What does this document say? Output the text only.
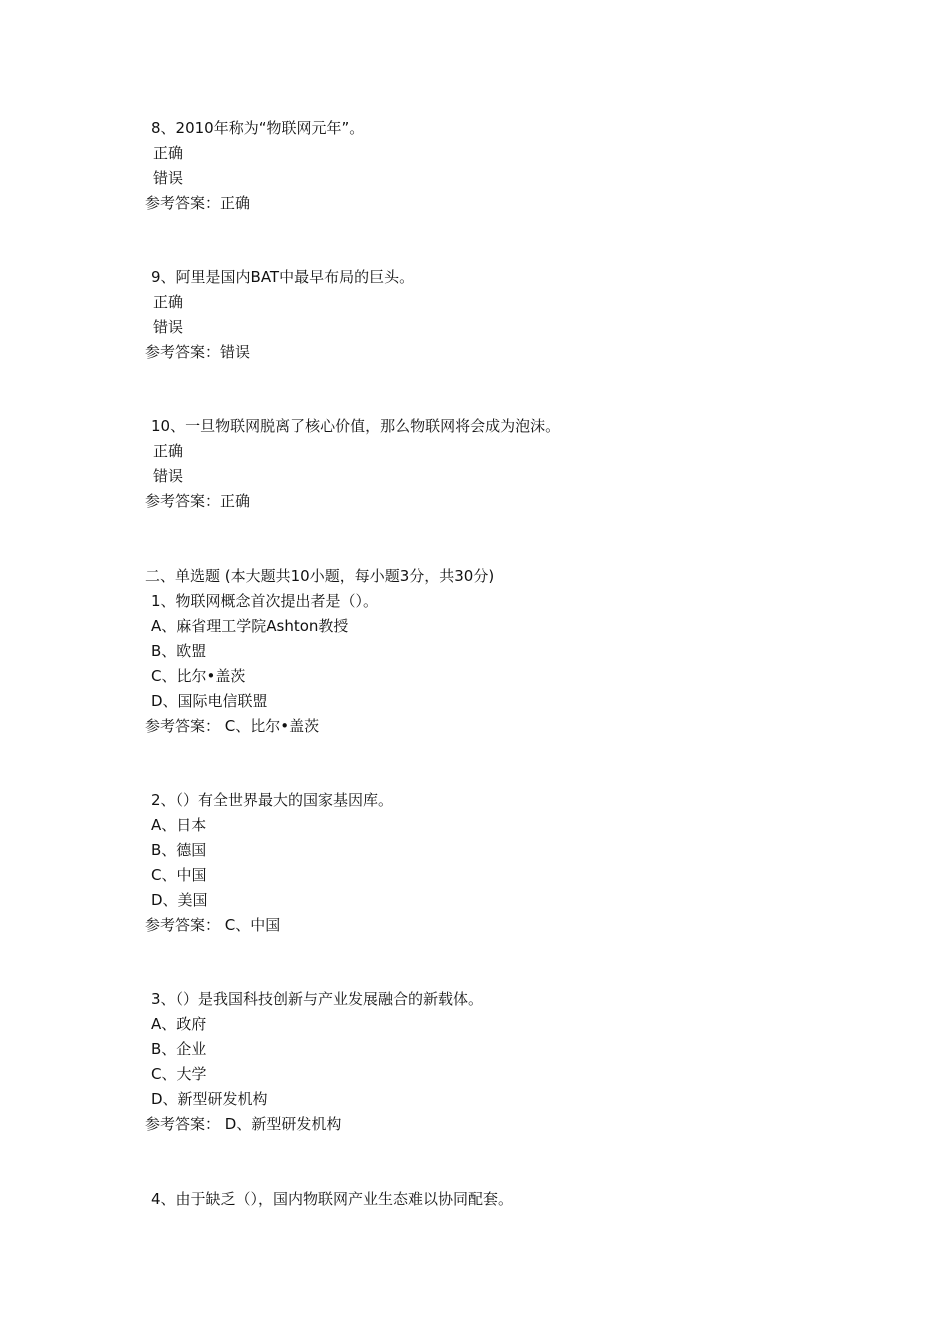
8、2010年称为“物联网元年”。
正确
错误
参考答案：正确
9、阿里是国内BAT中最早布局的巨头。
正确
错误
参考答案：错误
10、一旦物联网脱离了核心价值，那么物联网将会成为泡沫。
正确
错误
参考答案：正确
二、单选题 (本大题共10小题，每小题3分，共30分)
1、物联网概念首次提出者是（）。
A、麻省理工学院Ashton教授
B、欧盟
C、比尔•盖茨
D、国际电信联盟
参考答案： C、比尔•盖茨
2、（）有全世界最大的国家基因库。
A、日本
B、德国
C、中国
D、美国
参考答案： C、中国
3、（）是我国科技创新与产业发展融合的新载体。
A、政府
B、企业
C、大学
D、新型研发机构
参考答案： D、新型研发机构
4、由于缺乏（），国内物联网产业生态难以协同配套。
